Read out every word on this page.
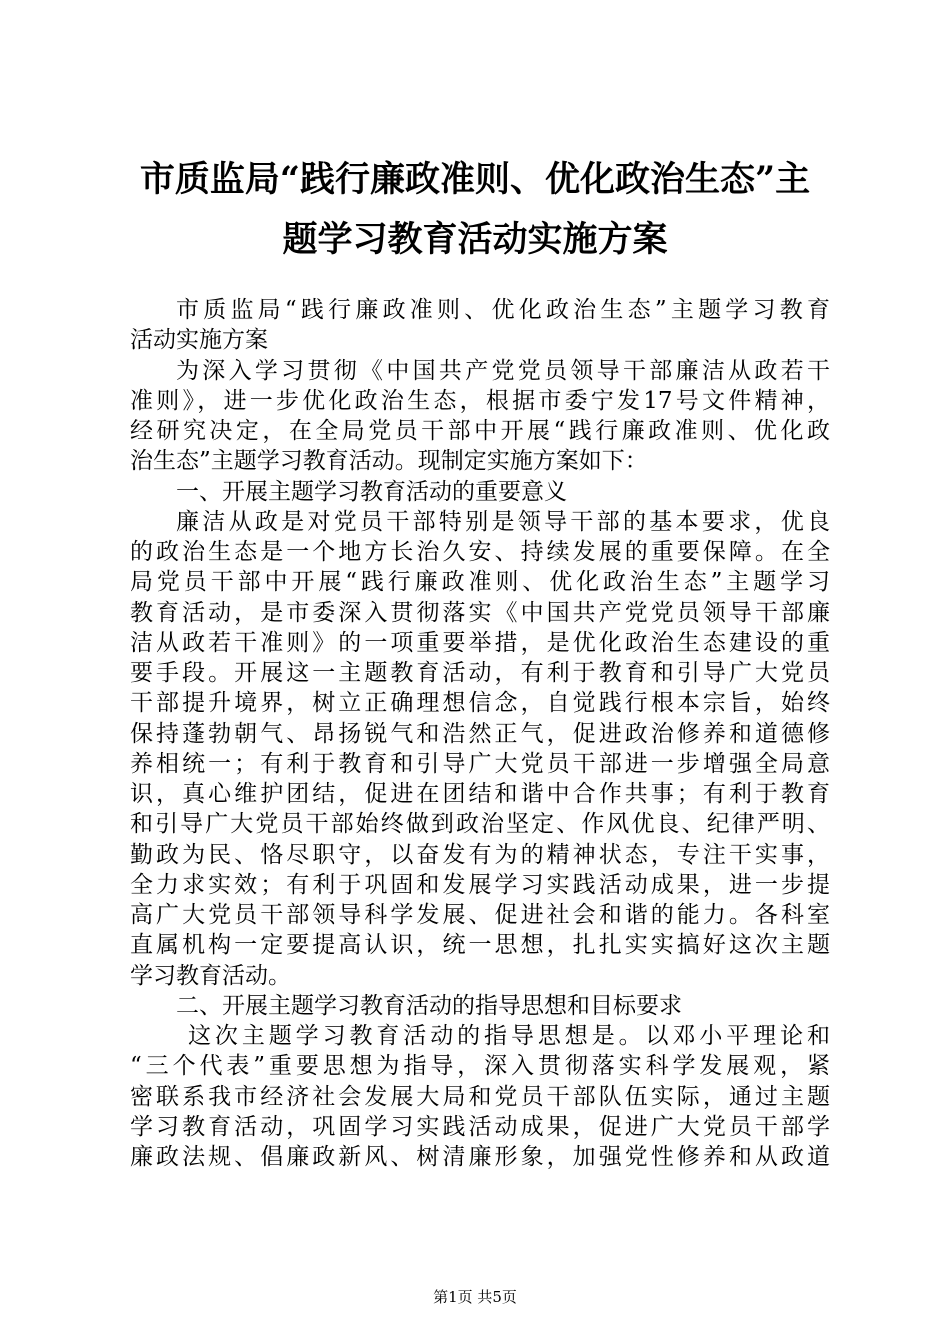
市质监局“践行廉政准则、优化政治生态”主
题学习教育活动实施方案
市质监局“践行廉政准则、优化政治生态”主题学习教育
活动实施方案
为深入学习贯彻《中国共产党党员领导干部廉洁从政若干
准则》，进一步优化政治生态，根据市委宁发17号文件精神，
经研究决定，在全局党员干部中开展“践行廉政准则、优化政
治生态”主题学习教育活动。现制定实施方案如下：
一、开展主题学习教育活动的重要意义
廉洁从政是对党员干部特别是领导干部的基本要求，优良
的政治生态是一个地方长治久安、持续发展的重要保障。在全
局党员干部中开展“践行廉政准则、优化政治生态”主题学习
教育活动，是市委深入贯彻落实《中国共产党党员领导干部廉
洁从政若干准则》的一项重要举措，是优化政治生态建设的重
要手段。开展这一主题教育活动，有利于教育和引导广大党员
干部提升境界，树立正确理想信念，自觉践行根本宗旨，始终
保持蓬勃朝气、昂扬锐气和浩然正气，促进政治修养和道德修
养相统一；有利于教育和引导广大党员干部进一步增强全局意
识，真心维护团结，促进在团结和谐中合作共事；有利于教育
和引导广大党员干部始终做到政治坚定、作风优良、纪律严明、
勤政为民、恪尽职守，以奋发有为的精神状态，专注干实事，
全力求实效；有利于巩固和发展学习实践活动成果，进一步提
高广大党员干部领导科学发展、促进社会和谐的能力。各科室
直属机构一定要提高认识，统一思想，扎扎实实搞好这次主题
学习教育活动。
二、开展主题学习教育活动的指导思想和目标要求
这次主题学习教育活动的指导思想是。以邓小平理论和
“三个代表”重要思想为指导，深入贯彻落实科学发展观，紧
密联系我市经济社会发展大局和党员干部队伍实际，通过主题
学习教育活动，巩固学习实践活动成果，促进广大党员干部学
廉政法规、倡廉政新风、树清廉形象，加强党性修养和从政道
第1页 共5页
